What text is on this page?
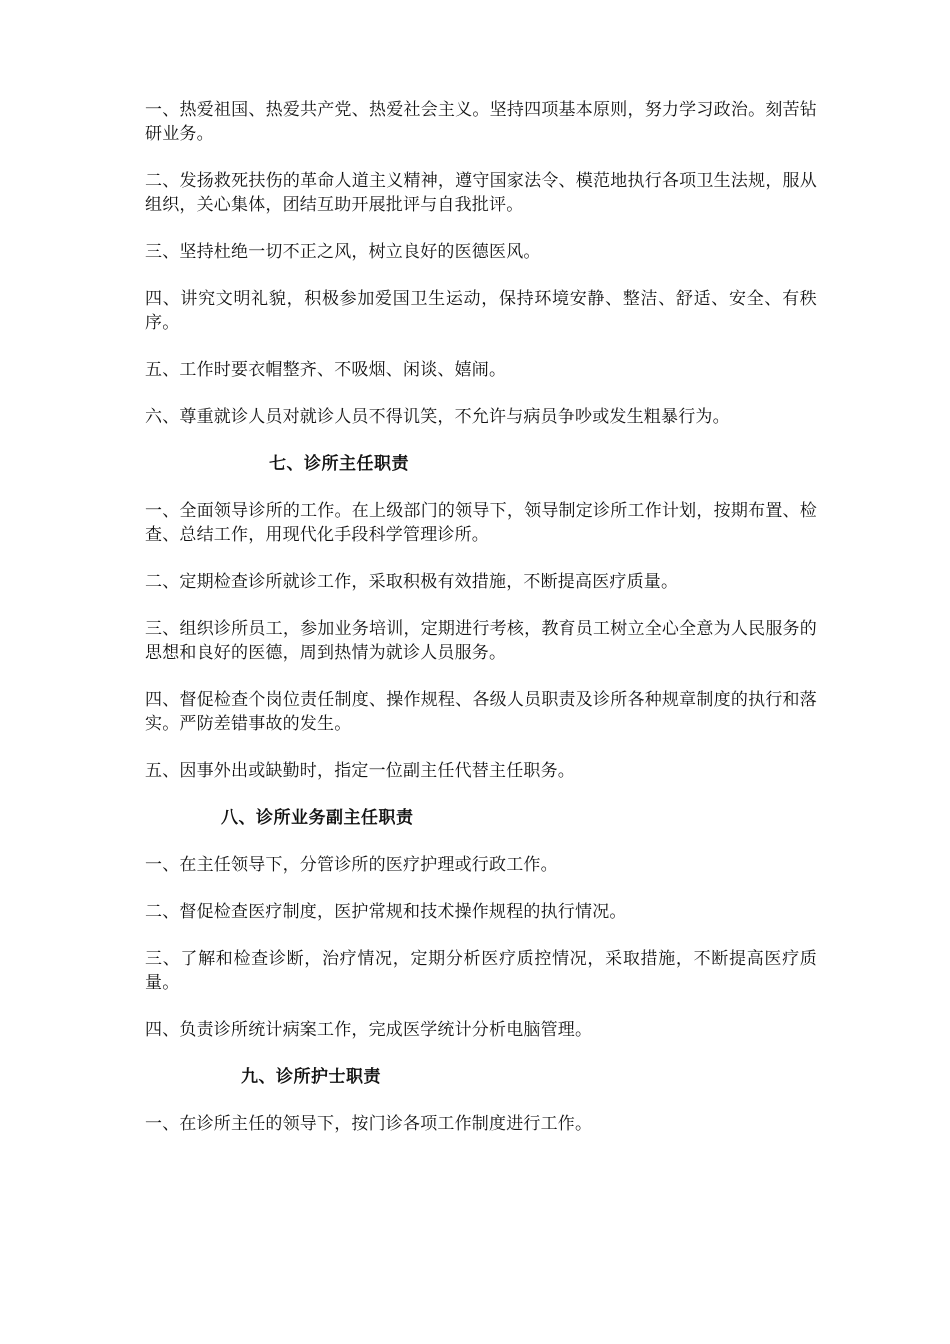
一、热爱祖国、热爱共产党、热爱社会主义。坚持四项基本原则，努力学习政治。刻苦钻研业务。

二、发扬救死扶伤的革命人道主义精神，遵守国家法令、模范地执行各项卫生法规，服从组织，关心集体，团结互助开展批评与自我批评。

三、坚持杜绝一切不正之风，树立良好的医德医风。

四、讲究文明礼貌，积极参加爱国卫生运动，保持环境安静、整洁、舒适、安全、有秩序。

五、工作时要衣帽整齐、不吸烟、闲谈、嬉闹。

六、尊重就诊人员对就诊人员不得讥笑，不允许与病员争吵或发生粗暴行为。

七、诊所主任职责

一、全面领导诊所的工作。在上级部门的领导下，领导制定诊所工作计划，按期布置、检查、总结工作，用现代化手段科学管理诊所。

二、定期检查诊所就诊工作，采取积极有效措施，不断提高医疗质量。

三、组织诊所员工，参加业务培训，定期进行考核，教育员工树立全心全意为人民服务的思想和良好的医德，周到热情为就诊人员服务。

四、督促检查个岗位责任制度、操作规程、各级人员职责及诊所各种规章制度的执行和落实。严防差错事故的发生。

五、因事外出或缺勤时，指定一位副主任代替主任职务。

八、诊所业务副主任职责

一、在主任领导下，分管诊所的医疗护理或行政工作。

二、督促检查医疗制度，医护常规和技术操作规程的执行情况。

三、了解和检查诊断，治疗情况，定期分析医疗质控情况，采取措施，不断提高医疗质量。

四、负责诊所统计病案工作，完成医学统计分析电脑管理。

九、诊所护士职责

一、在诊所主任的领导下，按门诊各项工作制度进行工作。
